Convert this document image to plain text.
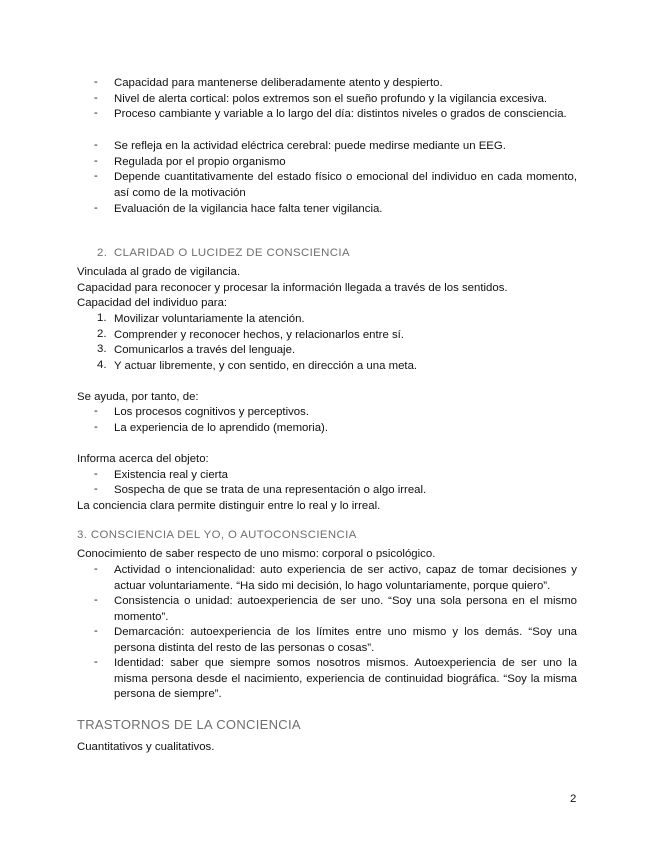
- Capacidad para mantenerse deliberadamente atento y despierto.
- Nivel de alerta cortical: polos extremos son el sueño profundo y la vigilancia excesiva.
- Proceso cambiante y variable a lo largo del día: distintos niveles o grados de consciencia.
- Se refleja en la actividad eléctrica cerebral: puede medirse mediante un EEG.
- Regulada por el propio organismo
- Depende cuantitativamente del estado físico o emocional del individuo en cada momento, así como de la motivación
- Evaluación de la vigilancia hace falta tener vigilancia.
2. CLARIDAD O LUCIDEZ DE CONSCIENCIA
Vinculada al grado de vigilancia.
Capacidad para reconocer y procesar la información llegada a través de los sentidos.
Capacidad del individuo para:
1. Movilizar voluntariamente la atención.
2. Comprender y reconocer hechos, y relacionarlos entre sí.
3. Comunicarlos a través del lenguaje.
4. Y actuar libremente, y con sentido, en dirección a una meta.
Se ayuda, por tanto, de:
- Los procesos cognitivos y perceptivos.
- La experiencia de lo aprendido (memoria).
Informa acerca del objeto:
- Existencia real y cierta
- Sospecha de que se trata de una representación o algo irreal.
La conciencia clara permite distinguir entre lo real y lo irreal.
3. CONSCIENCIA DEL YO, O AUTOCONSCIENCIA
Conocimiento de saber respecto de uno mismo: corporal o psicológico.
- Actividad o intencionalidad: auto experiencia de ser activo, capaz de tomar decisiones y actuar voluntariamente. “Ha sido mi decisión, lo hago voluntariamente, porque quiero”.
- Consistencia o unidad: autoexperiencia de ser uno. “Soy una sola persona en el mismo momento”.
- Demarcación: autoexperiencia de los límites entre uno mismo y los demás. “Soy una persona distinta del resto de las personas o cosas”.
- Identidad: saber que siempre somos nosotros mismos. Autoexperiencia de ser uno la misma persona desde el nacimiento, experiencia de continuidad biográfica. “Soy la misma persona de siempre”.
TRASTORNOS DE LA CONCIENCIA
Cuantitativos y cualitativos.
2
